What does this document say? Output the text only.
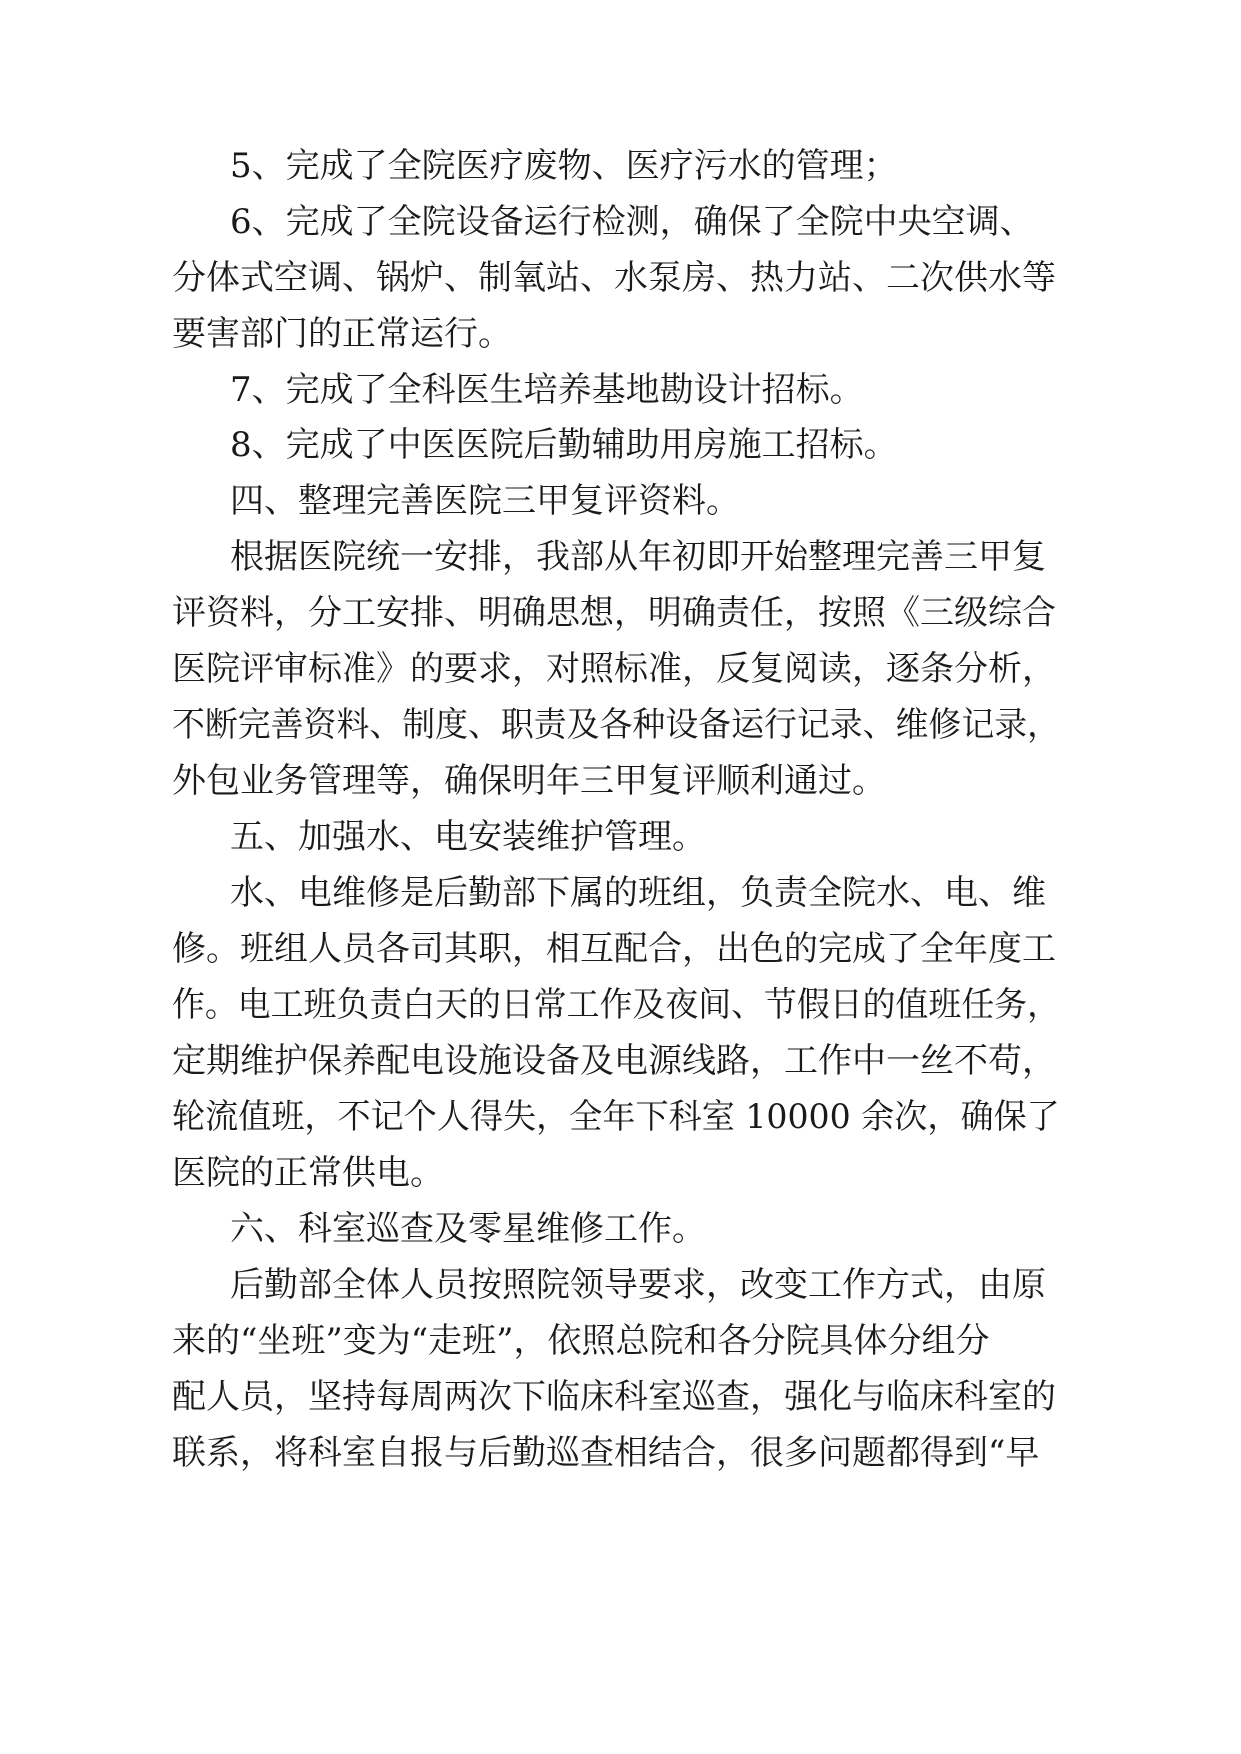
5、完成了全院医疗废物、医疗污水的管理；
6、完成了全院设备运行检测，确保了全院中央空调、
分体式空调、锅炉、制氧站、水泵房、热力站、二次供水等
要害部门的正常运行。
7、完成了全科医生培养基地勘设计招标。
8、完成了中医医院后勤辅助用房施工招标。
四、整理完善医院三甲复评资料。
根据医院统一安排，我部从年初即开始整理完善三甲复
评资料，分工安排、明确思想，明确责任，按照《三级综合
医院评审标准》的要求，对照标准，反复阅读，逐条分析，
不断完善资料、制度、职责及各种设备运行记录、维修记录，
外包业务管理等，确保明年三甲复评顺利通过。
五、加强水、电安装维护管理。
水、电维修是后勤部下属的班组，负责全院水、电、维
修。班组人员各司其职，相互配合，出色的完成了全年度工
作。电工班负责白天的日常工作及夜间、节假日的值班任务，
定期维护保养配电设施设备及电源线路，工作中一丝不苟，
轮流值班，不记个人得失，全年下科室 10000 余次，确保了
医院的正常供电。
六、科室巡查及零星维修工作。
后勤部全体人员按照院领导要求，改变工作方式，由原
来的“坐班”变为“走班”，依照总院和各分院具体分组分
配人员，坚持每周两次下临床科室巡查，强化与临床科室的
联系，将科室自报与后勤巡查相结合，很多问题都得到“早
